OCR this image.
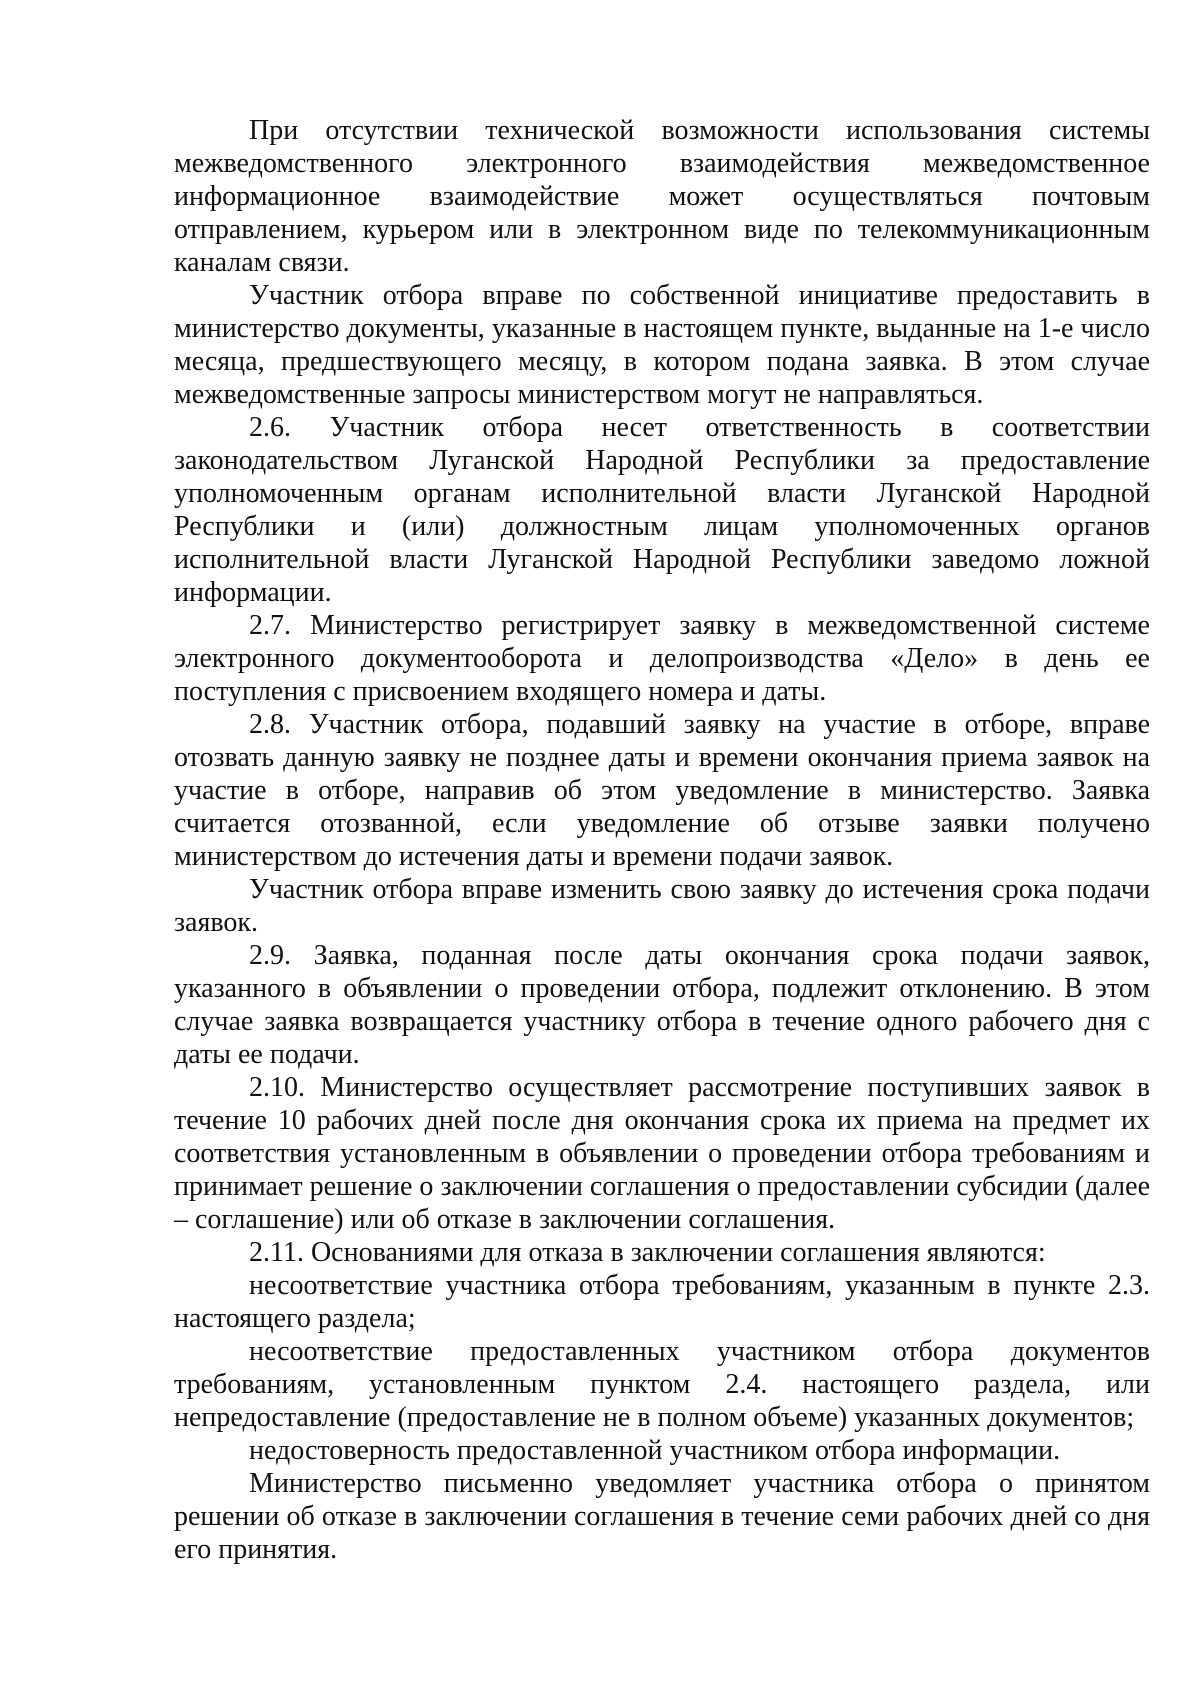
При отсутствии технической возможности использования системы межведомственного электронного взаимодействия межведомственное информационное взаимодействие может осуществляться почтовым отправлением, курьером или в электронном виде по телекоммуникационным каналам связи.

Участник отбора вправе по собственной инициативе предоставить в министерство документы, указанные в настоящем пункте, выданные на 1-е число месяца, предшествующего месяцу, в котором подана заявка. В этом случае межведомственные запросы министерством могут не направляться.

2.6. Участник отбора несет ответственность в соответствии законодательством Луганской Народной Республики за предоставление уполномоченным органам исполнительной власти Луганской Народной Республики и (или) должностным лицам уполномоченных органов исполнительной власти Луганской Народной Республики заведомо ложной информации.

2.7. Министерство регистрирует заявку в межведомственной системе электронного документооборота и делопроизводства «Дело» в день ее поступления с присвоением входящего номера и даты.

2.8. Участник отбора, подавший заявку на участие в отборе, вправе отозвать данную заявку не позднее даты и времени окончания приема заявок на участие в отборе, направив об этом уведомление в министерство. Заявка считается отозванной, если уведомление об отзыве заявки получено министерством до истечения даты и времени подачи заявок.

Участник отбора вправе изменить свою заявку до истечения срока подачи заявок.

2.9. Заявка, поданная после даты окончания срока подачи заявок, указанного в объявлении о проведении отбора, подлежит отклонению. В этом случае заявка возвращается участнику отбора в течение одного рабочего дня с даты ее подачи.

2.10. Министерство осуществляет рассмотрение поступивших заявок в течение 10 рабочих дней после дня окончания срока их приема на предмет их соответствия установленным в объявлении о проведении отбора требованиям и принимает решение о заключении соглашения о предоставлении субсидии (далее – соглашение) или об отказе в заключении соглашения.

2.11. Основаниями для отказа в заключении соглашения являются:

несоответствие участника отбора требованиям, указанным в пункте 2.3. настоящего раздела;

несоответствие предоставленных участником отбора документов требованиям, установленным пунктом 2.4. настоящего раздела, или непредоставление (предоставление не в полном объеме) указанных документов;

недостоверность предоставленной участником отбора информации.

Министерство письменно уведомляет участника отбора о принятом решении об отказе в заключении соглашения в течение семи рабочих дней со дня его принятия.
